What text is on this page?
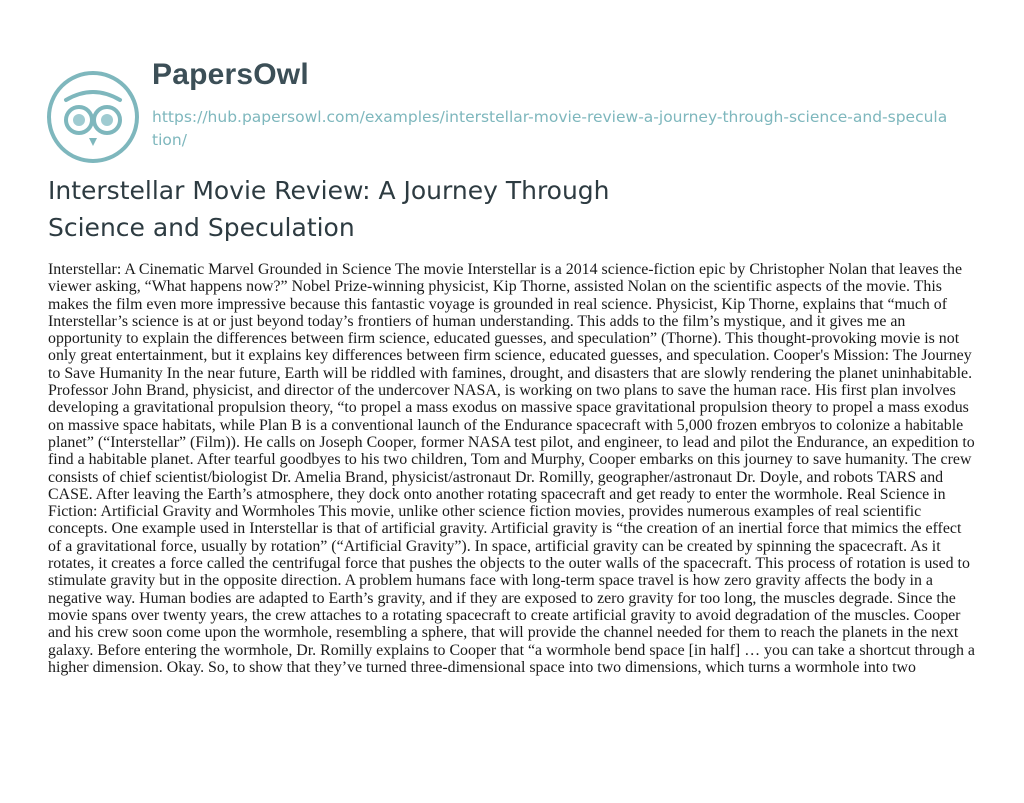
PapersOwl
https://hub.papersowl.com/examples/interstellar-movie-review-a-journey-through-science-and-speculation/
Interstellar Movie Review: A Journey Through Science and Speculation

Interstellar: A Cinematic Marvel Grounded in Science The movie Interstellar is a 2014 science-fiction epic by Christopher Nolan that leaves the viewer asking, “What happens now?” Nobel Prize-winning physicist, Kip Thorne, assisted Nolan on the scientific aspects of the movie. This makes the film even more impressive because this fantastic voyage is grounded in real science. Physicist, Kip Thorne, explains that “much of Interstellar’s science is at or just beyond today’s frontiers of human understanding. This adds to the film’s mystique, and it gives me an opportunity to explain the differences between firm science, educated guesses, and speculation” (Thorne). This thought-provoking movie is not only great entertainment, but it explains key differences between firm science, educated guesses, and speculation. Cooper's Mission: The Journey to Save Humanity In the near future, Earth will be riddled with famines, drought, and disasters that are slowly rendering the planet uninhabitable. Professor John Brand, physicist, and director of the undercover NASA, is working on two plans to save the human race. His first plan involves developing a gravitational propulsion theory, “to propel a mass exodus on massive space gravitational propulsion theory to propel a mass exodus on massive space habitats, while Plan B is a conventional launch of the Endurance spacecraft with 5,000 frozen embryos to colonize a habitable planet” (“Interstellar” (Film)). He calls on Joseph Cooper, former NASA test pilot, and engineer, to lead and pilot the Endurance, an expedition to find a habitable planet. After tearful goodbyes to his two children, Tom and Murphy, Cooper embarks on this journey to save humanity. The crew consists of chief scientist/biologist Dr. Amelia Brand, physicist/astronaut Dr. Romilly, geographer/astronaut Dr. Doyle, and robots TARS and CASE. After leaving the Earth’s atmosphere, they dock onto another rotating spacecraft and get ready to enter the wormhole. Real Science in Fiction: Artificial Gravity and Wormholes This movie, unlike other science fiction movies, provides numerous examples of real scientific concepts. One example used in Interstellar is that of artificial gravity. Artificial gravity is “the creation of an inertial force that mimics the effect of a gravitational force, usually by rotation” (“Artificial Gravity”). In space, artificial gravity can be created by spinning the spacecraft. As it rotates, it creates a force called the centrifugal force that pushes the objects to the outer walls of the spacecraft. This process of rotation is used to stimulate gravity but in the opposite direction. A problem humans face with long-term space travel is how zero gravity affects the body in a negative way. Human bodies are adapted to Earth’s gravity, and if they are exposed to zero gravity for too long, the muscles degrade. Since the movie spans over twenty years, the crew attaches to a rotating spacecraft to create artificial gravity to avoid degradation of the muscles. Cooper and his crew soon come upon the wormhole, resembling a sphere, that will provide the channel needed for them to reach the planets in the next galaxy. Before entering the wormhole, Dr. Romilly explains to Cooper that “a wormhole bend space [in half] … you can take a shortcut through a higher dimension. Okay. So, to show that they’ve turned three-dimensional space into two dimensions, which turns a wormhole into two
